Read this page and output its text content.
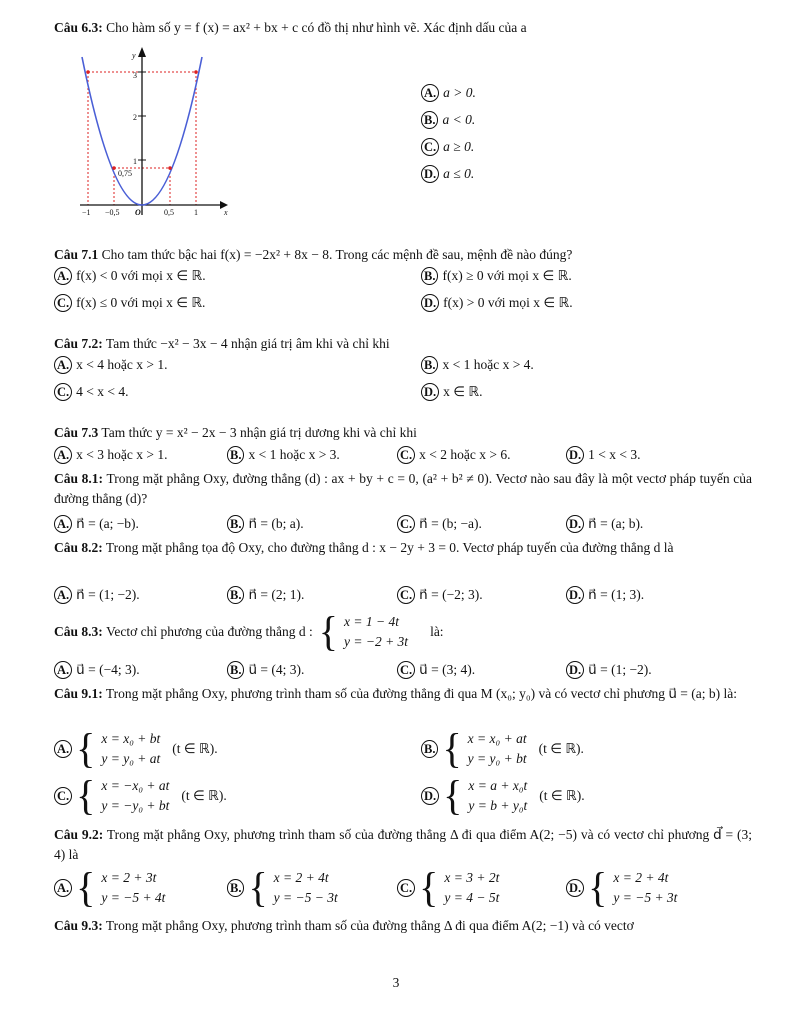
Câu 6.3: Cho hàm số y = f (x) = ax² + bx + c có đồ thị như hình vẽ. Xác định dấu của a
y
x
O
3
2
1
0,75
−1 −0,5	0,5	1
A. a > 0.
B. a < 0.
C. a ≥ 0.
D. a ≤ 0.
Câu 7.1 Cho tam thức bậc hai f(x) = −2x² + 8x − 8. Trong các mệnh đề sau, mệnh đề nào đúng?
A. f(x) < 0 với mọi x ∈ ℝ.	B. f(x) ≥ 0 với mọi x ∈ ℝ.
C. f(x) ≤ 0 với mọi x ∈ ℝ.	D. f(x) > 0 với mọi x ∈ ℝ.
Câu 7.2: Tam thức −x² − 3x − 4 nhận giá trị âm khi và chỉ khi
A. x < 4 hoặc x > 1.	B. x < 1 hoặc x > 4.
C. 4 < x < 4.	D. x ∈ ℝ.
Câu 7.3 Tam thức y = x² − 2x − 3 nhận giá trị dương khi và chỉ khi
A. x < 3 hoặc x > 1.	B. x < 1 hoặc x > 3.	C. x < 2 hoặc x > 6.	D. 1 < x < 3.
Câu 8.1: Trong mặt phẳng Oxy, đường thẳng (d) : ax + by + c = 0, (a² + b² ≠ 0). Vectơ nào sau đây là một vectơ pháp tuyến của đường thẳng (d)?
A. n⃗ = (a; −b).	B. n⃗ = (b; a).	C. n⃗ = (b; −a).	D. n⃗ = (a; b).
Câu 8.2: Trong mặt phẳng tọa độ Oxy, cho đường thẳng d : x − 2y + 3 = 0. Vectơ pháp tuyến của đường thẳng d là
A. n⃗ = (1; −2).	B. n⃗ = (2; 1).	C. n⃗ = (−2; 3).	D. n⃗ = (1; 3).
Câu 8.3:
Vectơ chỉ phương của đường thẳng d : { x = 1 − 4t
y = −2 + 3t
là:
A. u⃗ = (−4; 3).	B. u⃗ = (4; 3).	C. u⃗ = (3; 4).	D. u⃗ = (1; −2).
Câu 9.1: Trong mặt phẳng Oxy, phương trình tham số của đường thẳng đi qua M (x₀; y₀) và có vectơ chỉ phương u⃗ = (a; b) là:
A. { x = x₀ + bt
y = y₀ + at
(t ∈ ℝ).	B. { x = x₀ + at
y = y₀ + bt
(t ∈ ℝ).
C. { x = −x₀ + at
y = −y₀ + bt
(t ∈ ℝ).	D. { x = a + x₀t
y = b + y₀t
(t ∈ ℝ).
Câu 9.2: Trong mặt phẳng Oxy, phương trình tham số của đường thẳng Δ đi qua điểm A(2; −5) và có vectơ chỉ phương d⃗ = (3; 4) là
A. { x = 2 + 3t
y = −5 + 4t
B. { x = 2 + 4t
y = −5 − 3t
C. { x = 3 + 2t
y = 4 − 5t
D. { x = 2 + 4t
y = −5 + 3t
Câu 9.3: Trong mặt phẳng Oxy, phương trình tham số của đường thẳng Δ đi qua điểm A(2; −1) và có vectơ
3
